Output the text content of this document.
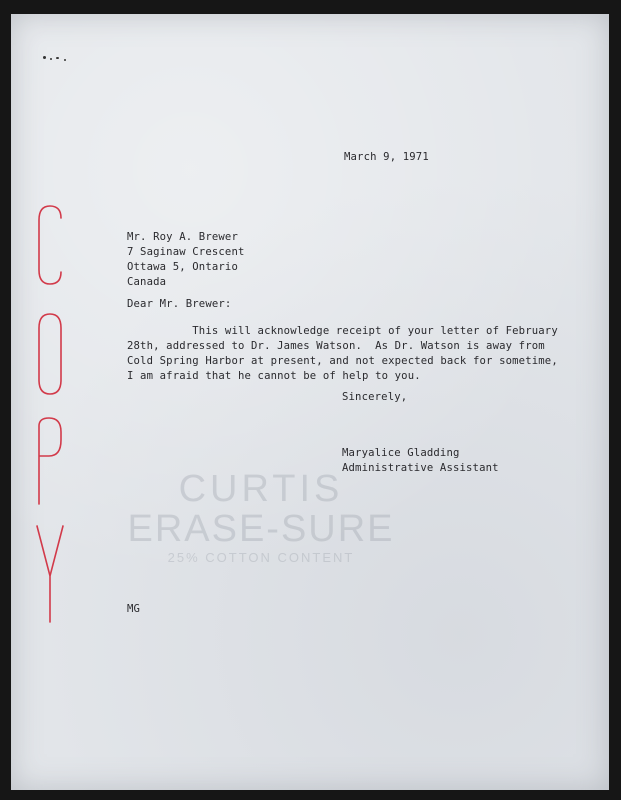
CURTIS
ERASE-SURE
25% COTTON CONTENT
March 9, 1971
Mr. Roy A. Brewer
7 Saginaw Crescent
Ottawa 5, Ontario
Canada
Dear Mr. Brewer:
This will acknowledge receipt of your letter of February
28th, addressed to Dr. James Watson.  As Dr. Watson is away from
Cold Spring Harbor at present, and not expected back for sometime,
I am afraid that he cannot be of help to you.
Sincerely,
Maryalice Gladding
Administrative Assistant
MG
